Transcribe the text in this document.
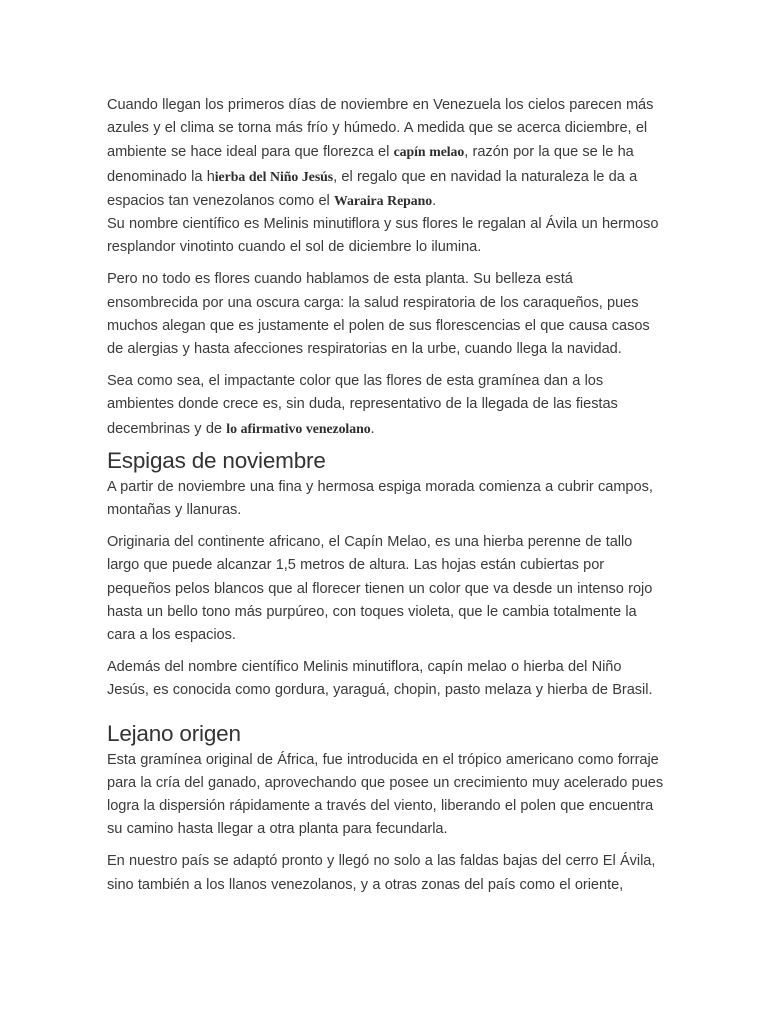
Cuando llegan los primeros días de noviembre en Venezuela los cielos parecen más azules y el clima se torna más frío y húmedo. A medida que se acerca diciembre, el ambiente se hace ideal para que florezca el capín melao, razón por la que se le ha denominado la hierba del Niño Jesús, el regalo que en navidad la naturaleza le da a espacios tan venezolanos como el Waraira Repano.

Su nombre científico es Melinis minutiflora y sus flores le regalan al Ávila un hermoso resplandor vinotinto cuando el sol de diciembre lo ilumina.

Pero no todo es flores cuando hablamos de esta planta. Su belleza está ensombrecida por una oscura carga: la salud respiratoria de los caraqueños, pues muchos alegan que es justamente el polen de sus florescencias el que causa casos de alergias y hasta afecciones respiratorias en la urbe, cuando llega la navidad.

Sea como sea, el impactante color que las flores de esta gramínea dan a los ambientes donde crece es, sin duda, representativo de la llegada de las fiestas decembrinas y de lo afirmativo venezolano.

Espigas de noviembre

A partir de noviembre una fina y hermosa espiga morada comienza a cubrir campos, montañas y llanuras.

Originaria del continente africano, el Capín Melao, es una hierba perenne de tallo largo que puede alcanzar 1,5 metros de altura. Las hojas están cubiertas por pequeños pelos blancos que al florecer tienen un color que va desde un intenso rojo hasta un bello tono más purpúreo, con toques violeta, que le cambia totalmente la cara a los espacios.

Además del nombre científico Melinis minutiflora, capín melao o hierba del Niño Jesús, es conocida como gordura, yaraguá, chopin, pasto melaza y hierba de Brasil.

Lejano origen

Esta gramínea original de África, fue introducida en el trópico americano como forraje para la cría del ganado, aprovechando que posee un crecimiento muy acelerado pues logra la dispersión rápidamente a través del viento, liberando el polen que encuentra su camino hasta llegar a otra planta para fecundarla.

En nuestro país se adaptó pronto y llegó no solo a las faldas bajas del cerro El Ávila, sino también a los llanos venezolanos, y a otras zonas del país como el oriente,
